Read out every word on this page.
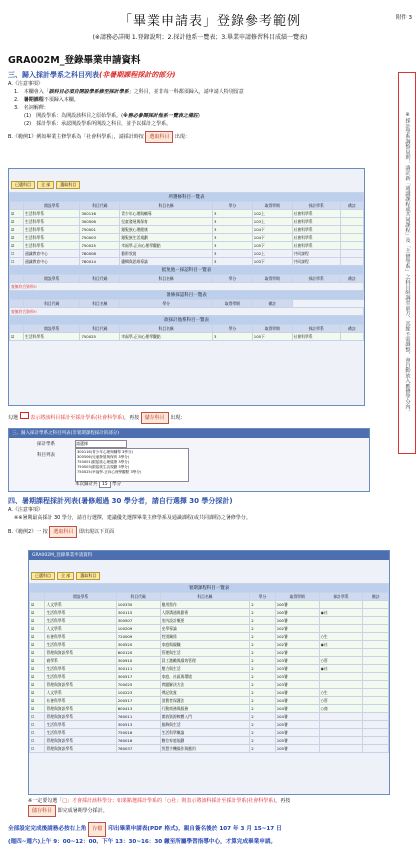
「畢業申請表」登錄參考範例	附件 3
(※請務必詳閱 1.登錄說明；2.採計他系一覽表；3.畢業申請修習科目成績一覽表)
GRA002M_登錄畢業申請資料
※採計學系調整局則：請計新「通識課程或共同課程」及「主修學系」之科目組調至前方，其餘不需調整，會自動放入應修學分內。
三、歸入採計學系之科目列表(非暑期課程採計的部分)
A.《注意事項》
1.　本欄會入「該科目必須自開設學系修至採計學系」之科目，並非每一科都須歸入，請申請人特別留意
2.　暑期課程不須歸入本欄。
3.　名詞解釋：
(1)　開設學系：為開設該科目之原始學系。(※務必參閱採計他系一覽表之備註)
(2)　採計學系：承認開設學系所開設之科目，並予以採計之學系。
B.《範例1》例如畢業主修學系為「社會科學系」，請採計時按 選取科目 出現：
已選科目	全 部	選取科目
所選修科目一覽表							
	開設學系	科目代碼	科目名稱	學分	取得學期	採計學系	備註
☑	生活科學系	300116	青少年心理與輔導	3	102上	社會科學系	
☑	生活科學系	300506	兒童發展與保育	3	103上	社會科學系	
☑	生活科學系	750001	銀髮族心理健康	3	104下	社會科學系	
☑	生活科學系	750003	銀髮族生活規劃	3	104下	社會科學系	
☑	生活科學系	750025	幸福學-正向心理學觀點	3	105下	社會科學系	
☐	通識教育中心	780008	藝術欣賞	3	102上	共同課程	
☐	通識教育中心	780014	邏輯與思維導論	3	103下	共同課程	
抵免他－採認科目一覽表							
	開設學系	科目代碼	科目名稱	學分	取得學期	採計學系	備註
查無符合資料!!							
暑修採認科目一覽表							
	科目代碼	科目名稱	學分	取得學期	備註		
查無符合資料!!							
欲採計他系科目一覽表							
	開設學系	科目代碼	科目名稱	學分	取得學期	採計學系	備註
☑	生活科學系	750025	幸福學-正向心理學觀點	3	105下	社會科學系	
勾選 表示將該科目採計至採計學系(社會科學系)，再按 儲存科目 出現：
三、歸入採計學系之科目列表(非暑期課程採計的部分)
科目列表
採計學系	請選擇
300116(青少年心理與輔導 3學分)
300506(兒童發展與保育 3學分)
750001(銀髮族心理健康 3學分)
750003(銀髮族生活規劃 3學分)
750025(幸福學-正向心理學觀點 3學分)
本次歸計共 15 學分
四、暑期課程採計列表(暑修超過 30 學分者，請自行選擇 30 學分採計)
A.《注意事項》
※※暑期最高採計 30 學分，請自行選擇，建議優先選擇畢業主修學系及通識課程(或共同課程)之暑修學分。
B.《範例2》一 按 選取科目 即出現以下頁面
GRA002M_登錄畢業申請資料
已選科目	全 部	選取科目
暑期課程科目一覽表							
	開設學系	科目代碼	科目名稱	學分	取得學期	採計學系	備註
☑	人文學系	100330	應用寫作	2	100暑		
☑	生活科學系	300115	人際溝通與藝術	2	100暑	◉社	
☑	生活科學系	300507	室內設計概要	2	100暑		
☑	人文學系	100209	史學導論	2	102暑		
☑	社會科學系	720009	性別關係	2	102暑	○生	
☑	生活科學系	300520	家庭與親職	2	102暑	◉社	
☑	管理與資訊學系	600120	管理與生活	2	102暑		
☑	商學系	300910	員工激勵與績效管理	2	103暑	○管	
☑	生活科學系	300111	壓力與生活	2	103暑	◉社	
☑	生活科學系	300517	家庭、社區與環境	2	103暑		
☑	管理與資訊學系	700025	問題解決方法	2	103暑		
☑	人文學系	100223	傳記欣賞	2	104暑	○生	
☑	社會科學系	200517	消費者保護法	2	104暑	○管	
☑	管理與資訊學系	600413	行動商務與服務	2	104暑	○商	
☐	管理與資訊學系	760011	開放資源軟體入門	2	104暑		
☐	生活科學系	300513	服飾與生活	2	105暑		
☐	生活科學系	750016	生活科學概論	2	105暑		
☐	管理與資訊學系	760016	數位家庭規劃	2	105暑		
☐	管理與資訊學系	760037	智慧手機操作與應用	2	105暑		
※一定要勾選「□」才會採計該科學分；如果點選採計學系的「○社」則表示將該科採計至採計學系(社會科學系)，再按
儲存科目 即完成暑期學分採計。
全部設定完成後請務必按右上角 存檔 印出畢業申請表(PDF 格式)，親自簽名後於 107 年 3 月 15~17 日
(週四~週六)上午 9：00~12：00、下午 13：30~16：30 繳至所屬學習指導中心，才算完成畢業申請。
